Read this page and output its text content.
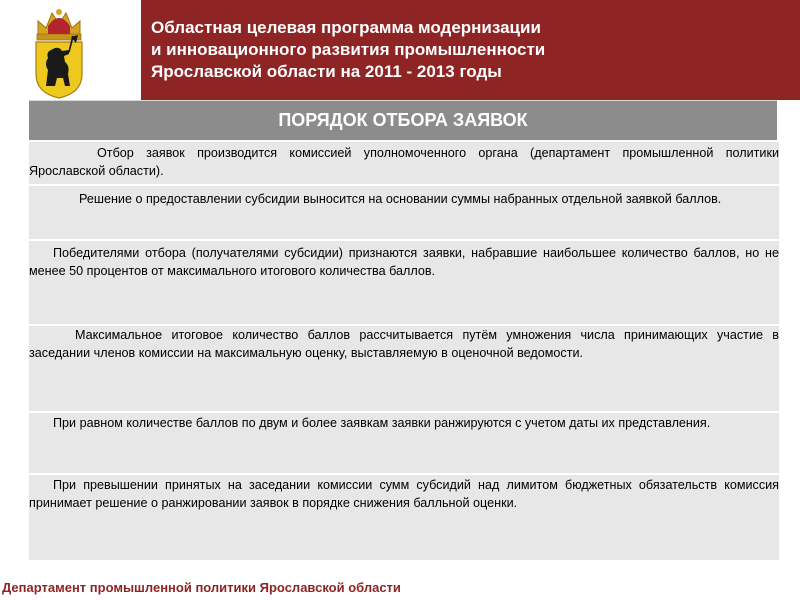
Областная целевая программа модернизации
и инновационного развития промышленности
Ярославской области на 2011 - 2013 годы
ПОРЯДОК ОТБОРА ЗАЯВОК

Отбор заявок производится комиссией уполномоченного органа (департамент промышленной политики Ярославской области).

Решение о предоставлении субсидии выносится на основании суммы набранных отдельной заявкой баллов.

Победителями отбора (получателями субсидии) признаются заявки, набравшие наибольшее количество баллов, но не менее 50 процентов от максимального итогового количества баллов.

Максимальное итоговое количество баллов рассчитывается путём умножения числа принимающих участие в заседании членов комиссии на максимальную оценку, выставляемую в оценочной ведомости.

При равном количестве баллов по двум и более заявкам заявки ранжируются с учетом даты их представления.

При превышении принятых на заседании комиссии сумм субсидий над лимитом бюджетных обязательств комиссия принимает решение о ранжировании заявок в порядке снижения балльной оценки.

Департамент промышленной политики Ярославской области
